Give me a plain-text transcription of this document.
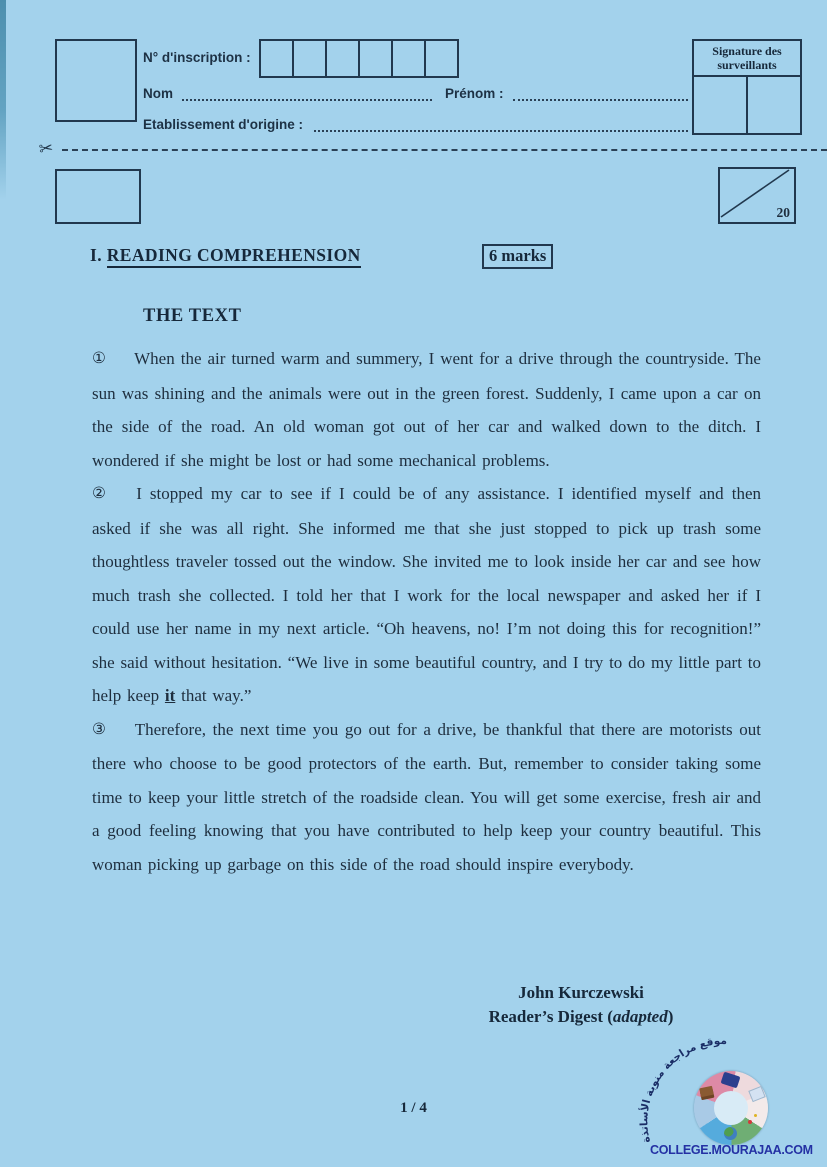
N° d'inscription :
Nom	Prénom :
Etablissement d'origine :
Signature des surveillants
✂
20
I. READING COMPREHENSION	6 marks
THE TEXT

① When the air turned warm and summery, I went for a drive through the countryside. The sun was shining and the animals were out in the green forest. Suddenly, I came upon a car on the side of the road. An old woman got out of her car and walked down to the ditch. I wondered if she might be lost or had some mechanical problems.

② I stopped my car to see if I could be of any assistance. I identified myself and then asked if she was all right. She informed me that she just stopped to pick up trash some thoughtless traveler tossed out the window. She invited me to look inside her car and see how much trash she collected. I told her that I work for the local newspaper and asked her if I could use her name in my next article. “Oh heavens, no! I’m not doing this for recognition!” she said without hesitation. “We live in some beautiful country, and I try to do my little part to help keep it that way.”

③ Therefore, the next time you go out for a drive, be thankful that there are motorists out there who choose to be good protectors of the earth. But, remember to consider taking some time to keep your little stretch of the roadside clean. You will get some exercise, fresh air and a good feeling knowing that you have contributed to help keep your country beautiful. This woman picking up garbage on this side of the road should inspire everybody.

John Kurczewski
Reader’s Digest (adapted)
1 / 4
موقع مراجعة منوبة الأساتذة
COLLEGE.MOURAJAA.COM
